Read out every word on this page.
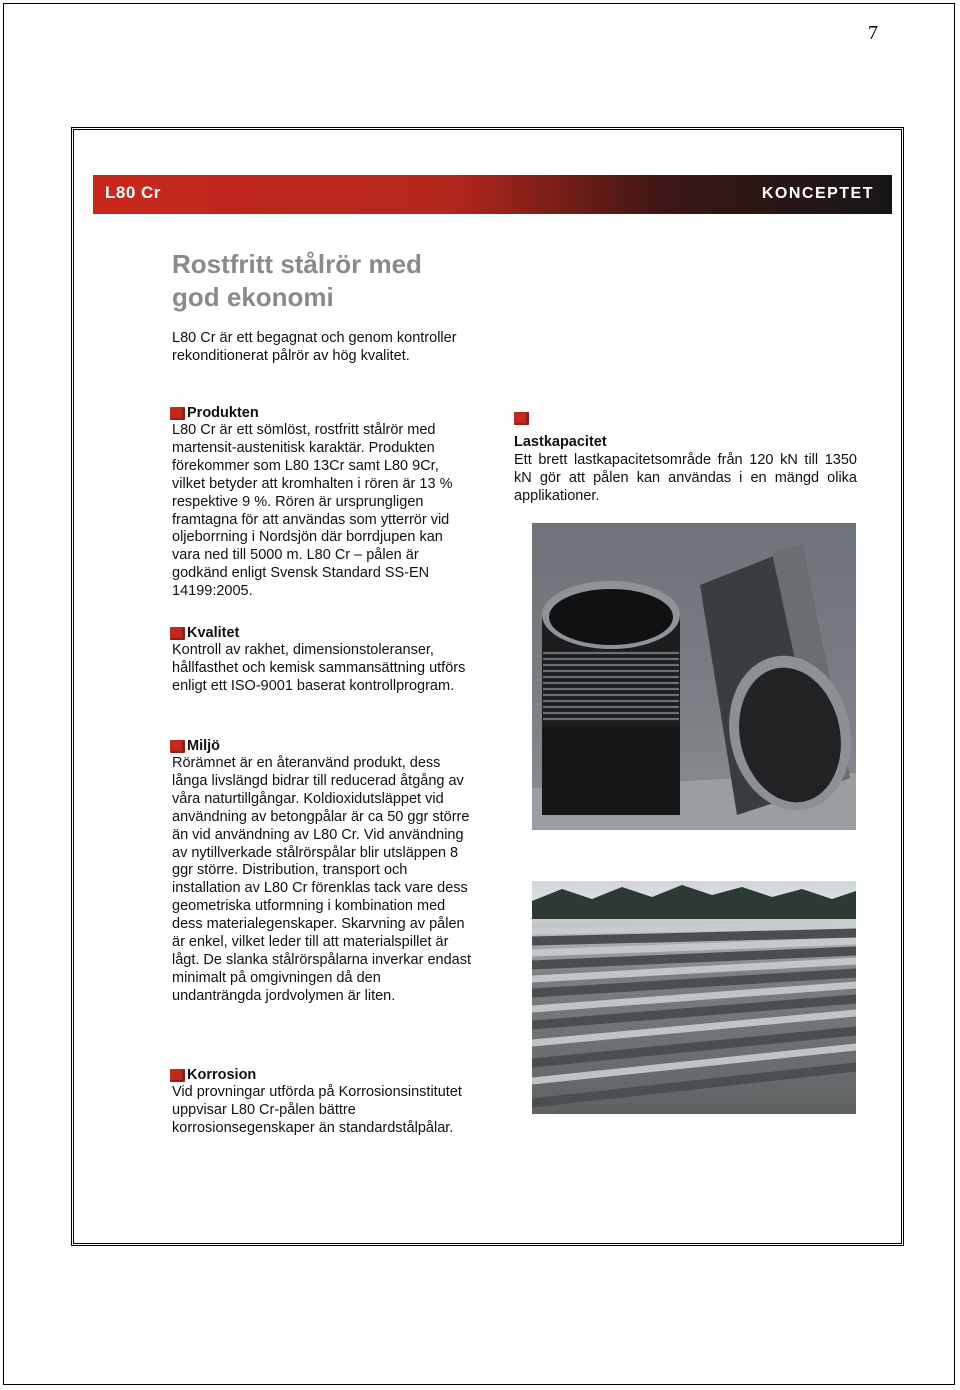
7
L80 Cr	KONCEPTET
Rostfritt stålrör med
god ekonomi

L80 Cr är ett begagnat och genom kontroller rekonditionerat pålrör av hög kvalitet.

Produkten

L80 Cr är ett sömlöst, rostfritt stålrör med martensit-austenitisk karaktär. Produkten förekommer som L80 13Cr samt L80 9Cr, vilket betyder att kromhalten i rören är 13 % respektive 9 %. Rören är ursprungligen framtagna för att användas som ytterrör vid oljeborrning i Nordsjön där borrdjupen kan vara ned till 5000 m. L80 Cr – pålen är godkänd enligt Svensk Standard SS-EN 14199:2005.

Kvalitet

Kontroll av rakhet, dimensionstoleranser, hållfasthet och kemisk sammansättning utförs enligt ett ISO-9001 baserat kontrollprogram.

Miljö

Rörämnet är en återanvänd produkt, dess långa livslängd bidrar till reducerad åtgång av våra naturtillgångar. Koldioxidutsläppet vid användning av betongpålar är ca 50 ggr större än vid användning av L80 Cr. Vid användning av nytillverkade stålrörspålar blir utsläppen 8 ggr större. Distribution, transport och installation av L80 Cr förenklas tack vare dess geometriska utformning i kombination med dess materialegenskaper. Skarvning av pålen är enkel, vilket leder till att materialspillet är lågt. De slanka stålrörspålarna inverkar endast minimalt på omgivningen då den undanträngda jordvolymen är liten.

Korrosion

Vid provningar utförda på Korrosionsinstitutet uppvisar L80 Cr-pålen bättre korrosionsegenskaper än standardstålpålar.

Lastkapacitet

Ett brett lastkapacitetsområde från 120 kN till 1350 kN gör att pålen kan användas i en mängd olika applikationer.
